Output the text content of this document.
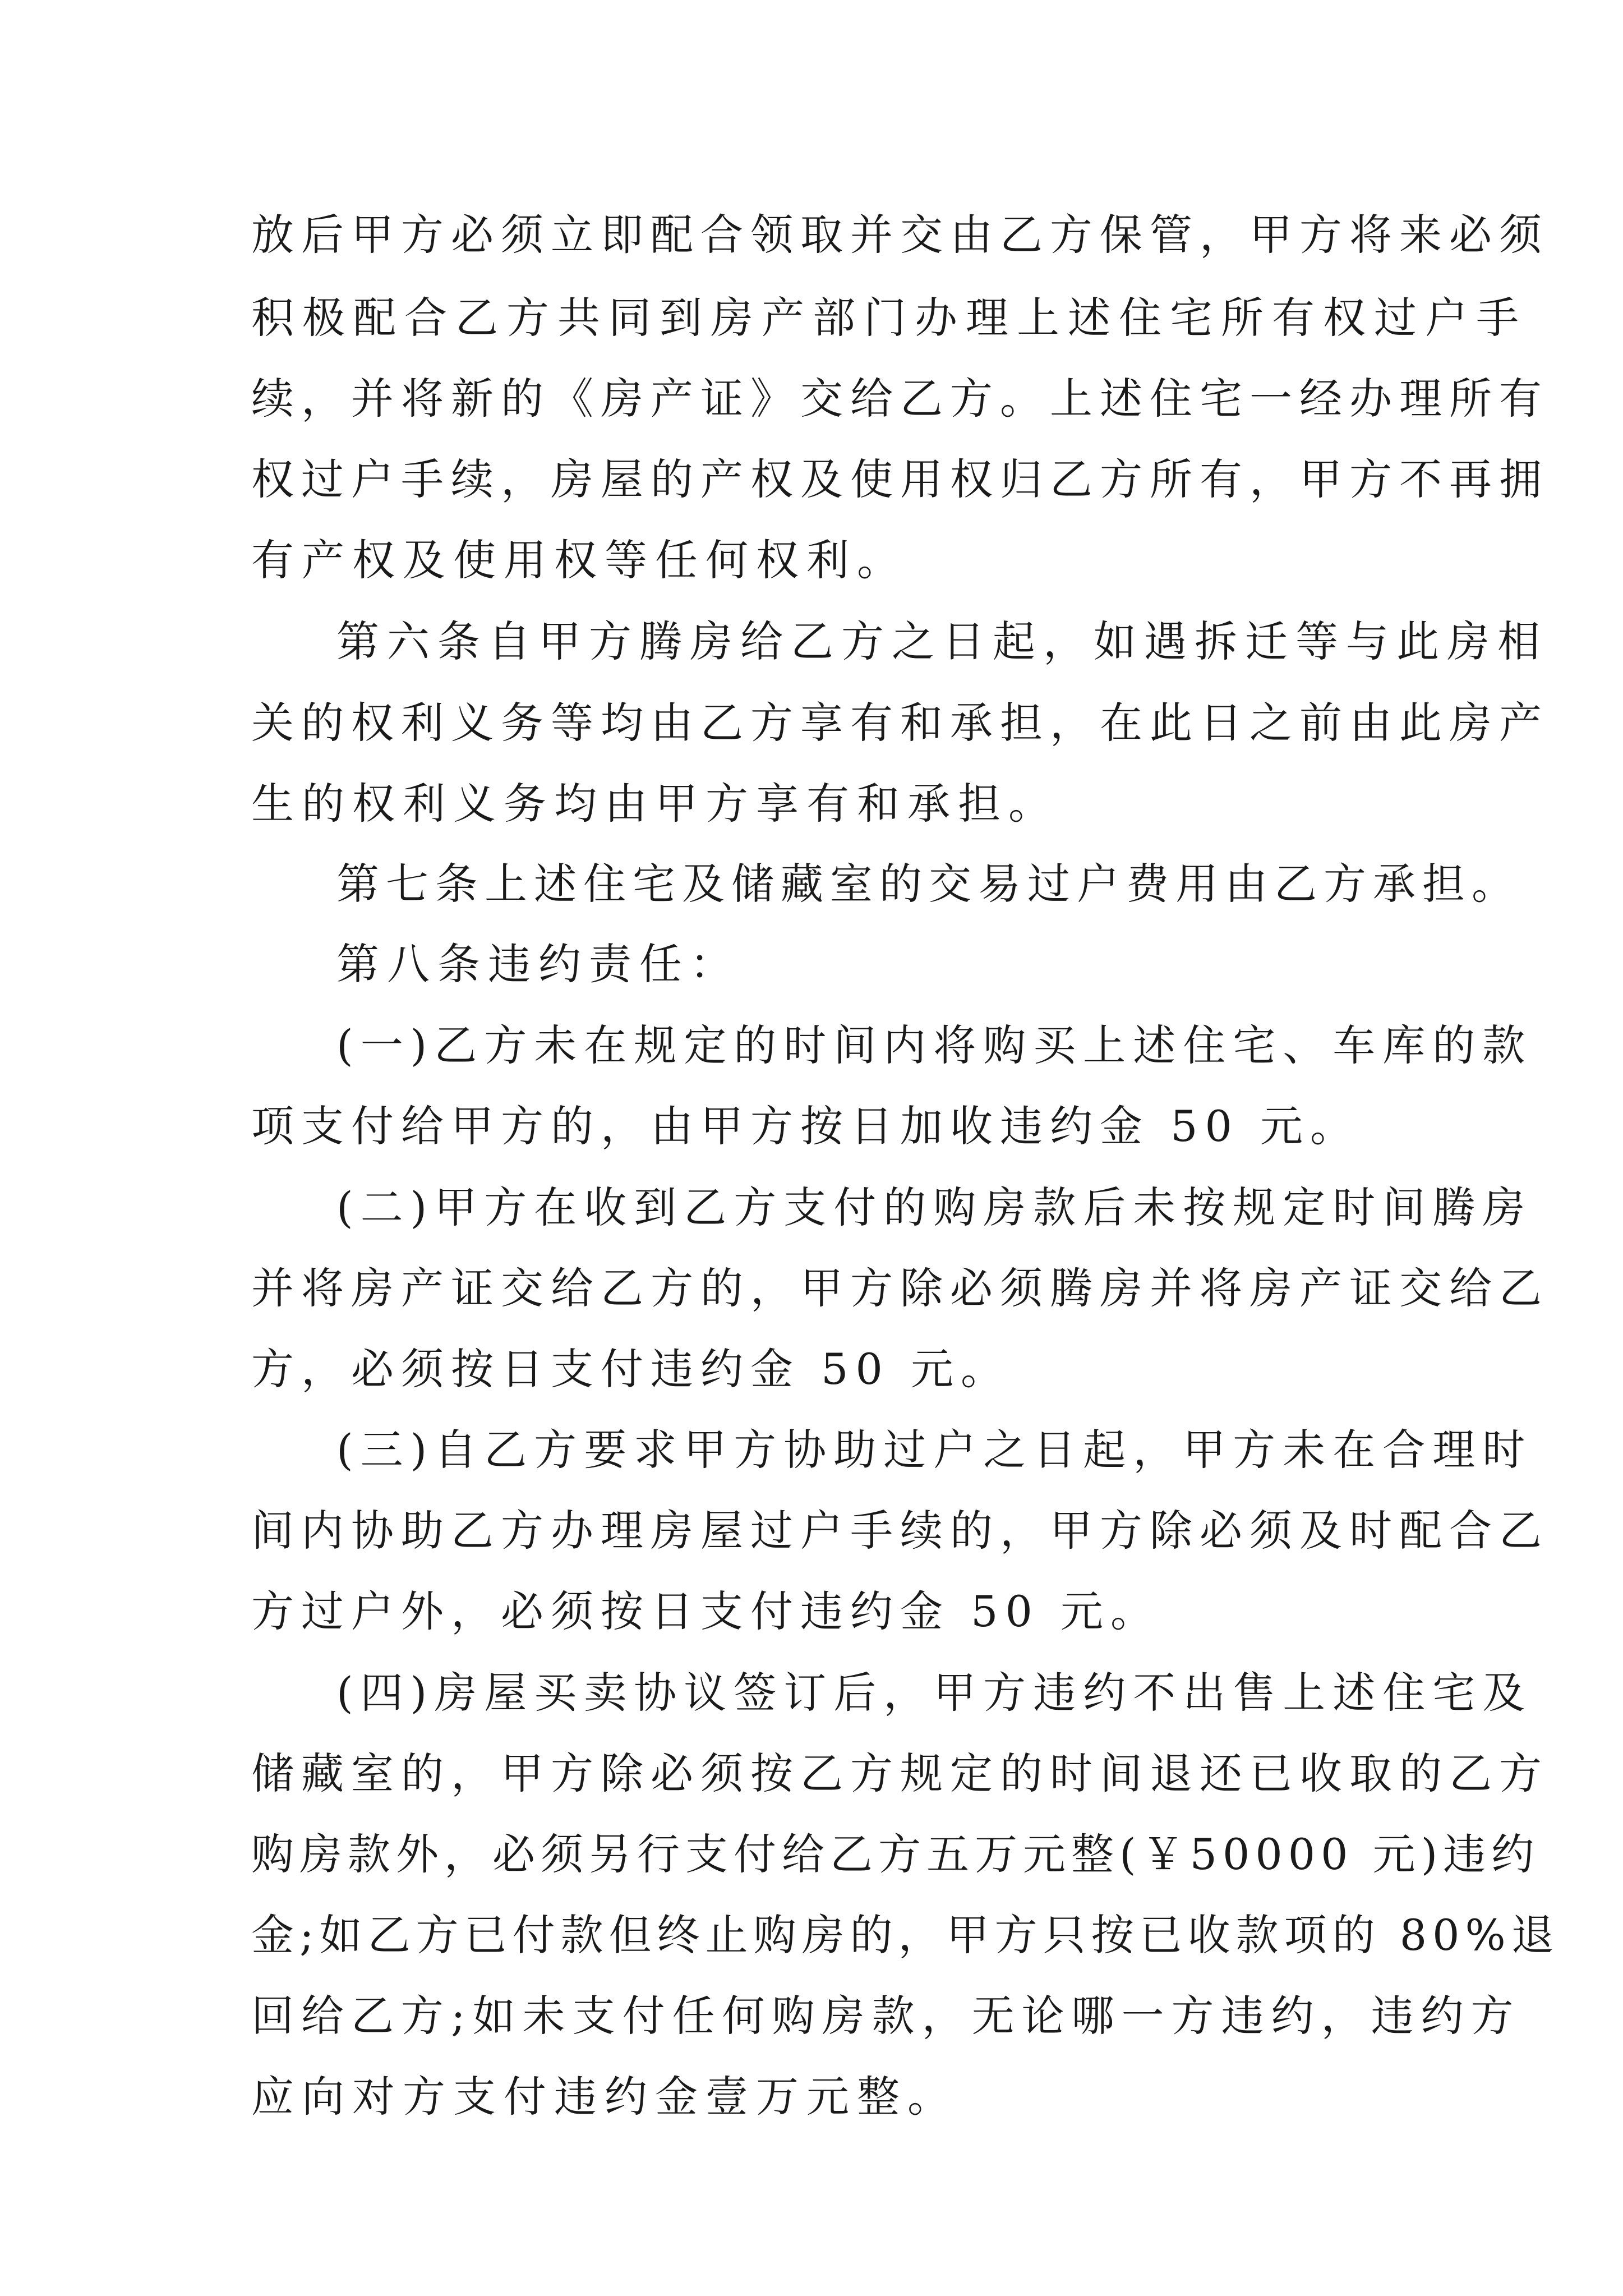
放后甲方必须立即配合领取并交由乙方保管，甲方将来必须
积极配合乙方共同到房产部门办理上述住宅所有权过户手
续，并将新的《房产证》交给乙方。上述住宅一经办理所有
权过户手续，房屋的产权及使用权归乙方所有，甲方不再拥
有产权及使用权等任何权利。
第六条自甲方腾房给乙方之日起，如遇拆迁等与此房相
关的权利义务等均由乙方享有和承担，在此日之前由此房产
生的权利义务均由甲方享有和承担。
第七条上述住宅及储藏室的交易过户费用由乙方承担。
第八条违约责任：
(一)乙方未在规定的时间内将购买上述住宅、车库的款
项支付给甲方的，由甲方按日加收违约金 50 元。
(二)甲方在收到乙方支付的购房款后未按规定时间腾房
并将房产证交给乙方的，甲方除必须腾房并将房产证交给乙
方，必须按日支付违约金 50 元。
(三)自乙方要求甲方协助过户之日起，甲方未在合理时
间内协助乙方办理房屋过户手续的，甲方除必须及时配合乙
方过户外，必须按日支付违约金 50 元。
(四)房屋买卖协议签订后，甲方违约不出售上述住宅及
储藏室的，甲方除必须按乙方规定的时间退还已收取的乙方
购房款外，必须另行支付给乙方五万元整(￥50000 元)违约
金;如乙方已付款但终止购房的，甲方只按已收款项的 80%退
回给乙方;如未支付任何购房款，无论哪一方违约，违约方
应向对方支付违约金壹万元整。
